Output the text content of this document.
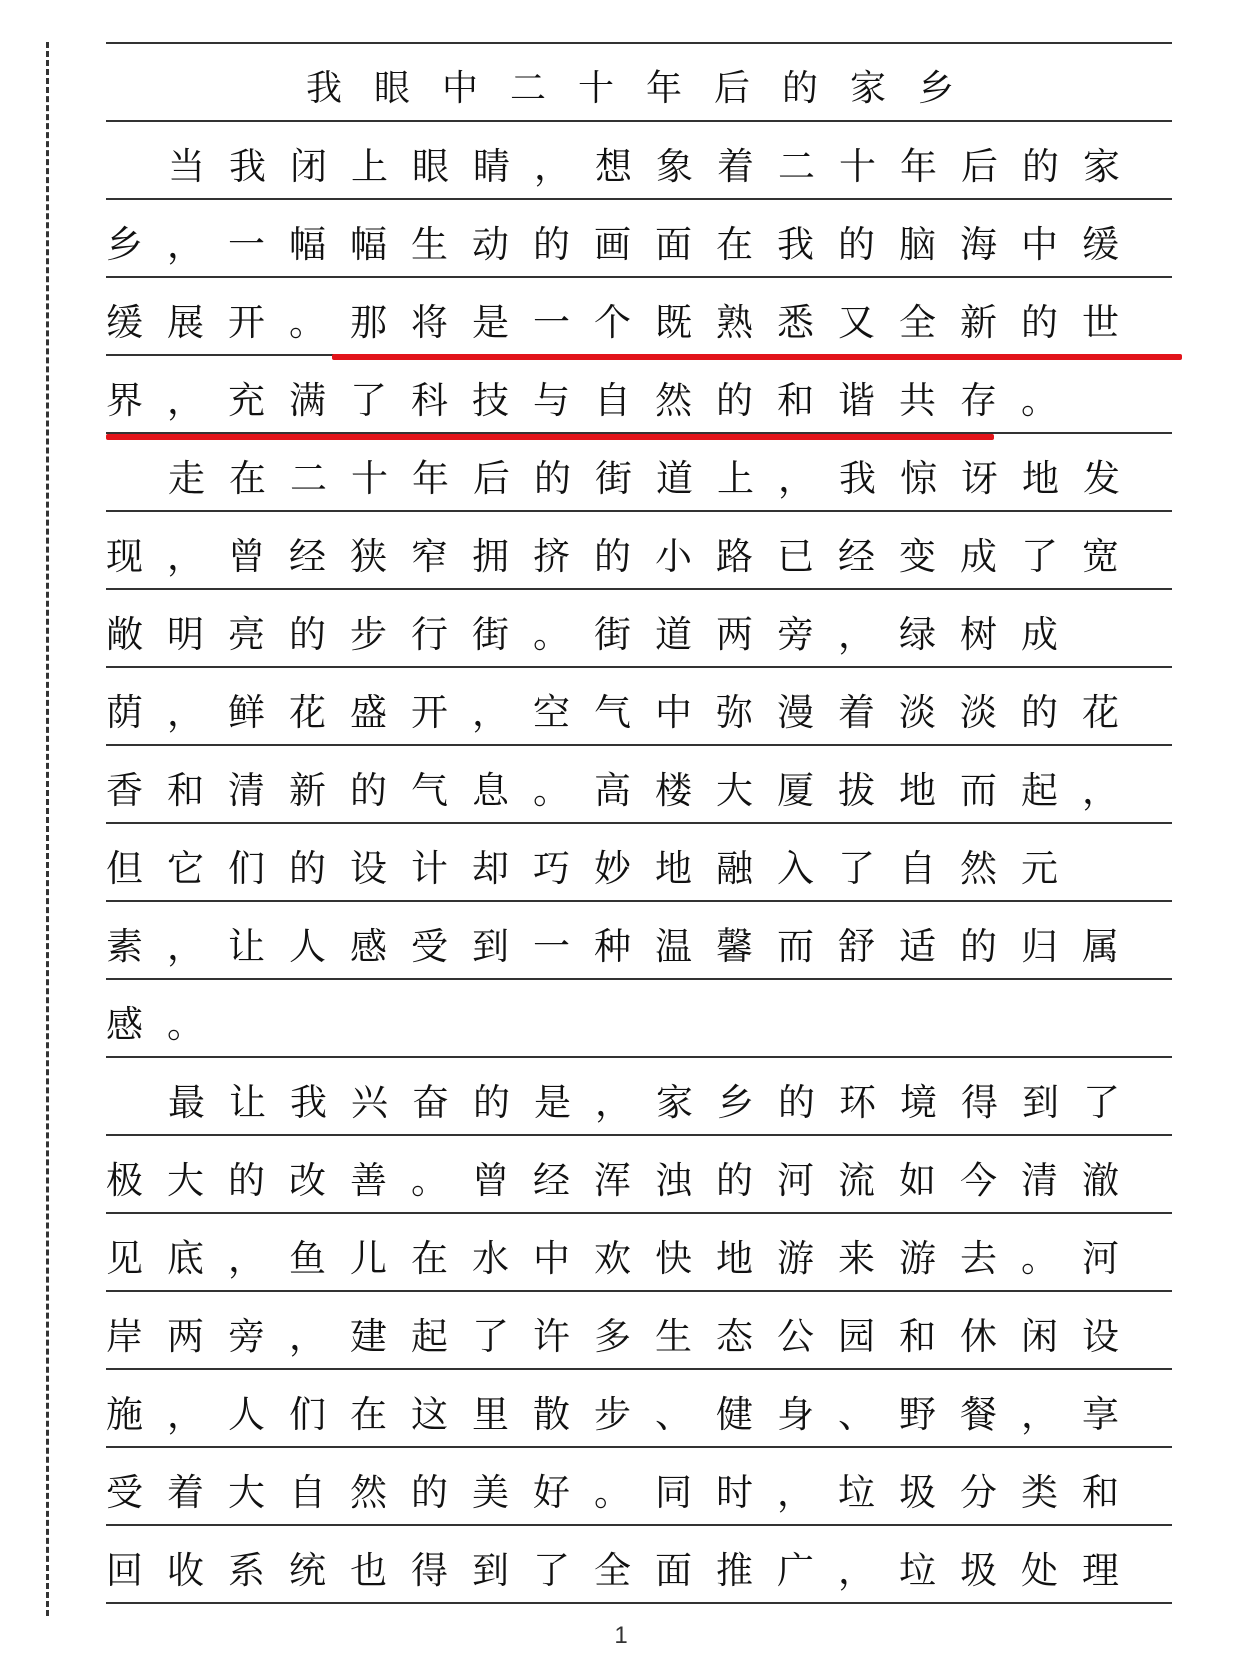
我眼中二十年后的家乡
当我闭上眼睛，想象着二十年后的家
乡，一幅幅生动的画面在我的脑海中缓
缓展开。那将是一个既熟悉又全新的世
界，充满了科技与自然的和谐共存。
走在二十年后的街道上，我惊讶地发
现，曾经狭窄拥挤的小路已经变成了宽
敞明亮的步行街。街道两旁，绿树成
荫，鲜花盛开，空气中弥漫着淡淡的花
香和清新的气息。高楼大厦拔地而起，
但它们的设计却巧妙地融入了自然元
素，让人感受到一种温馨而舒适的归属
感。
最让我兴奋的是，家乡的环境得到了
极大的改善。曾经浑浊的河流如今清澈
见底，鱼儿在水中欢快地游来游去。河
岸两旁，建起了许多生态公园和休闲设
施，人们在这里散步、健身、野餐，享
受着大自然的美好。同时，垃圾分类和
回收系统也得到了全面推广，垃圾处理
1
